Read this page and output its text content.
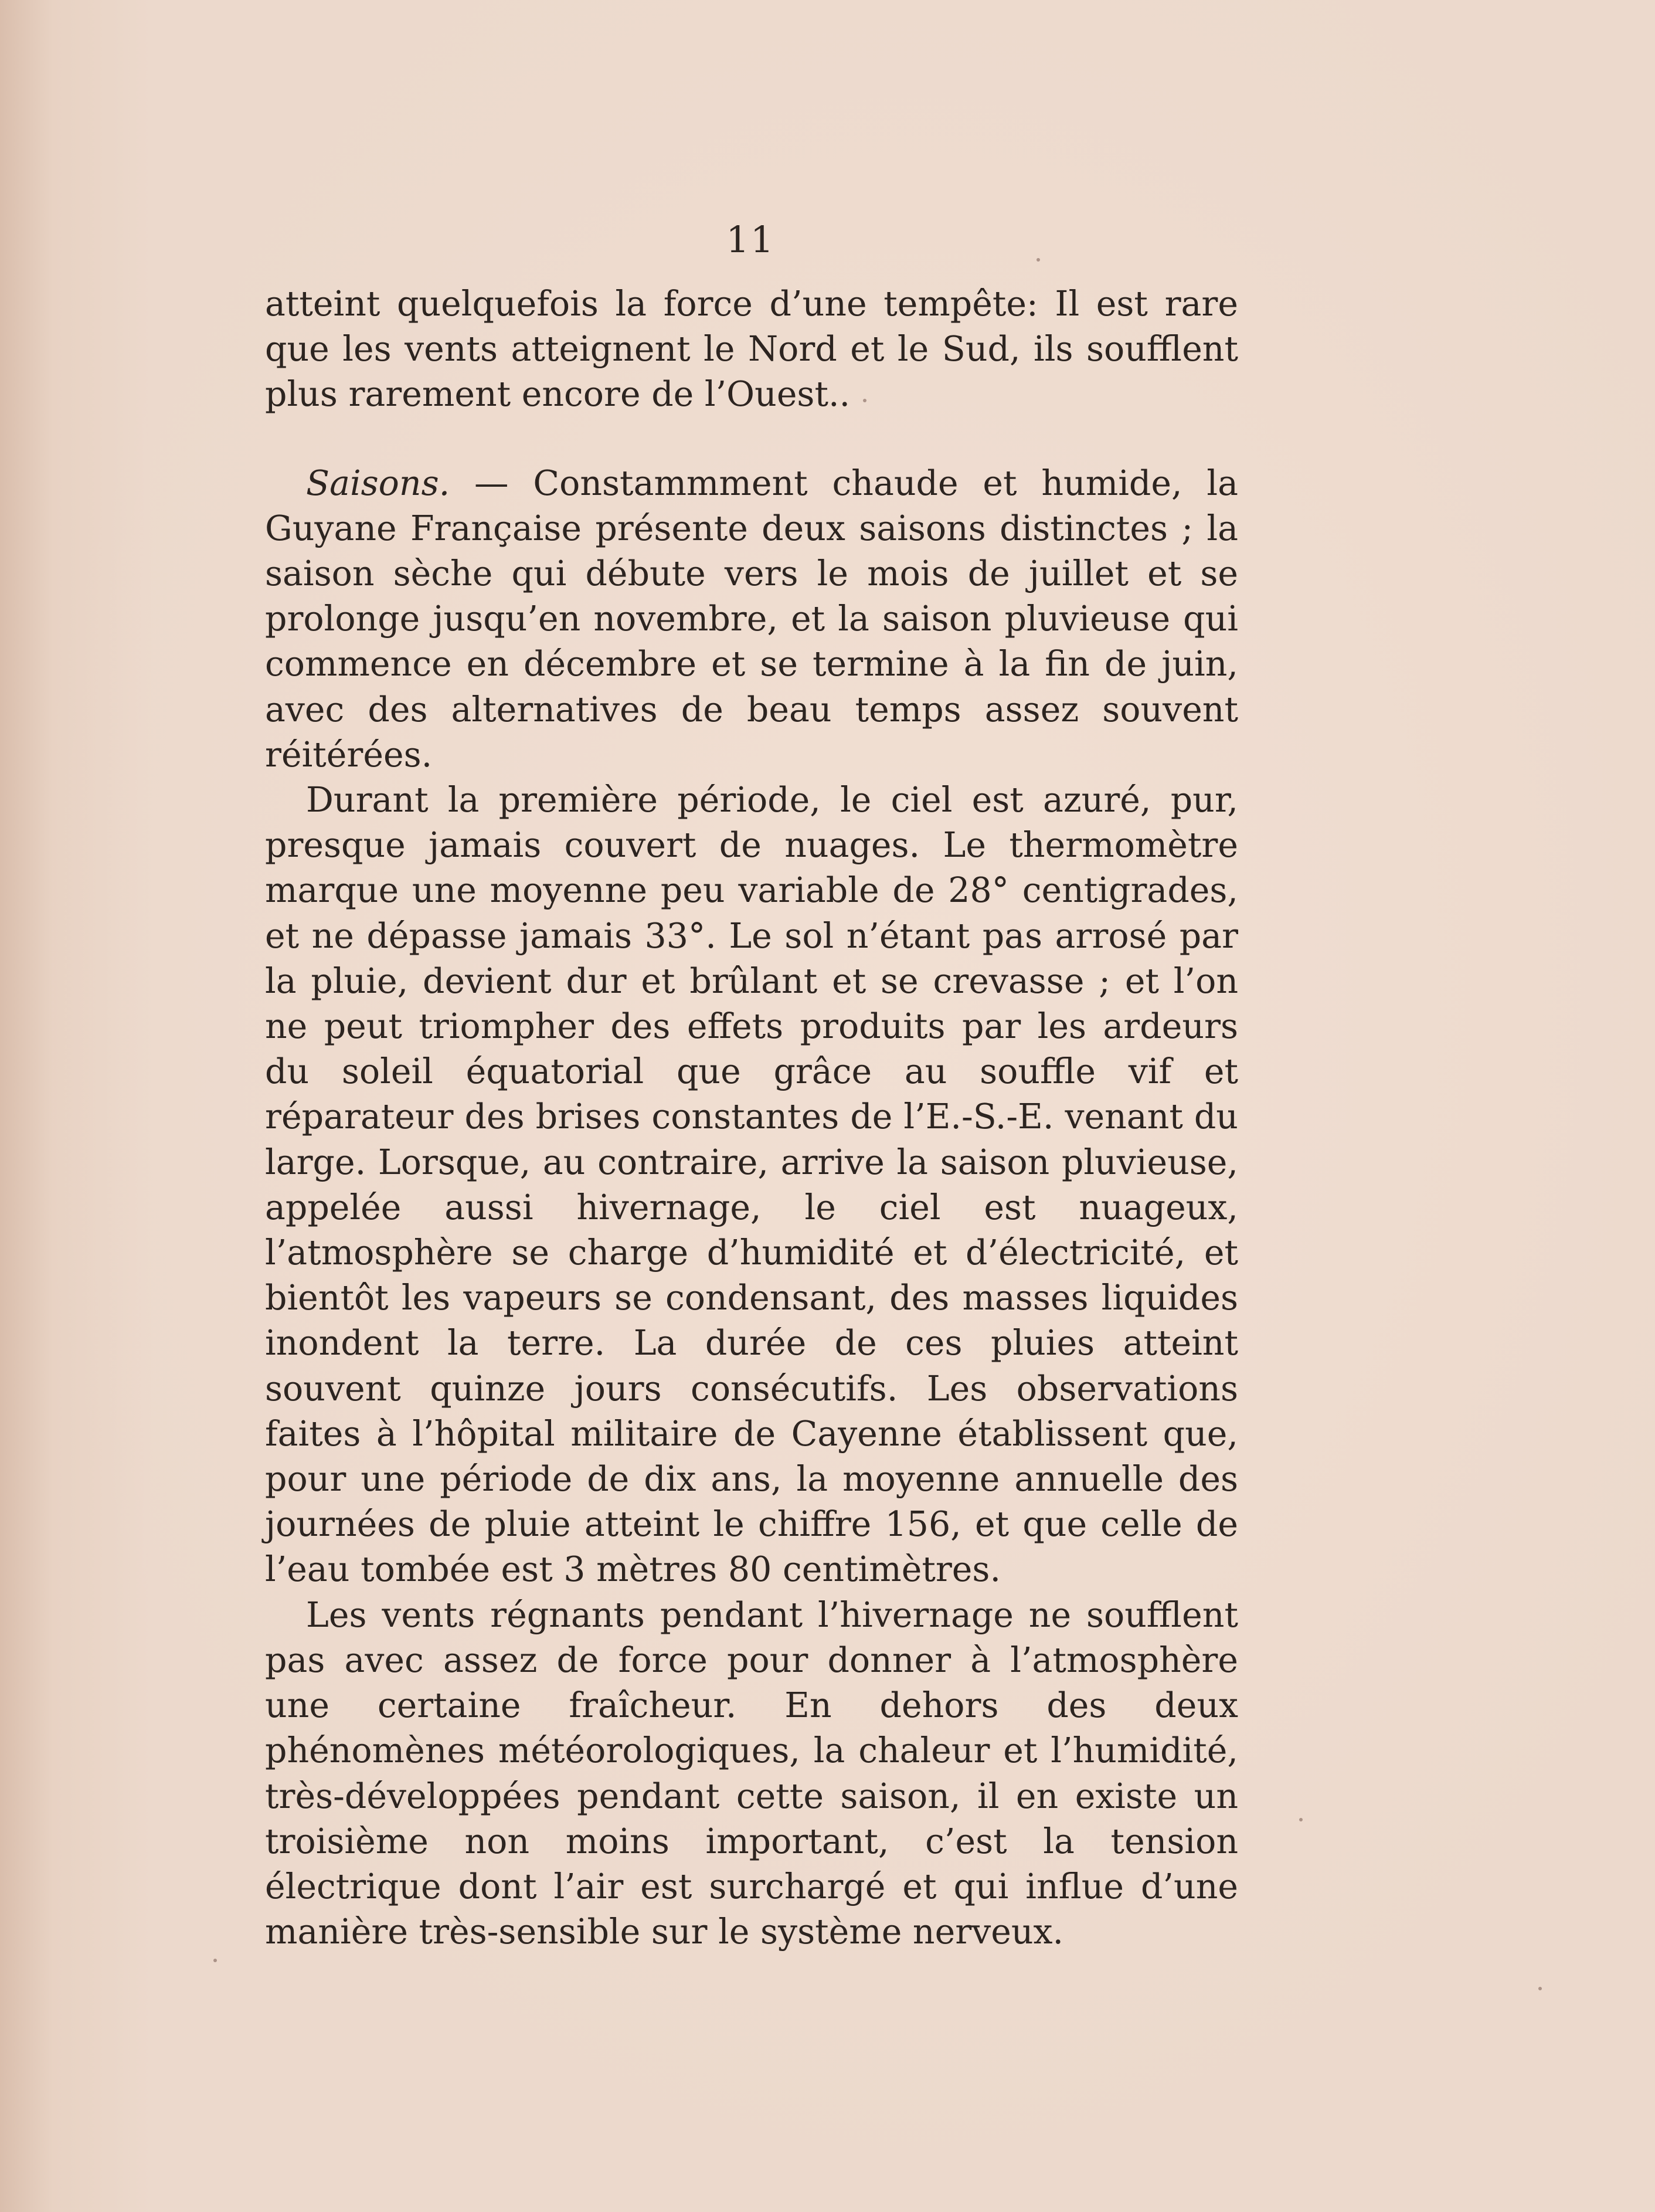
11

atteint quelquefois la force d’une tempête: Il est rare que les vents atteignent le Nord et le Sud, ils soufflent plus rarement encore de l’Ouest..

Saisons. — Constammment chaude et humide, la Guyane Française présente deux saisons distinctes ; la saison sèche qui débute vers le mois de juillet et se prolonge jusqu’en novembre, et la saison pluvieuse qui commence en décembre et se termine à la fin de juin, avec des alternatives de beau temps assez souvent réitérées.

Durant la première période, le ciel est azuré, pur, presque jamais couvert de nuages. Le thermomètre marque une moyenne peu variable de 28° centigrades, et ne dépasse jamais 33°. Le sol n’étant pas arrosé par la pluie, devient dur et brûlant et se crevasse ; et l’on ne peut triompher des effets produits par les ardeurs du soleil équatorial que grâce au souffle vif et réparateur des brises constantes de l’E.-S.-E. venant du large. Lorsque, au contraire, arrive la saison pluvieuse, appelée aussi hivernage, le ciel est nuageux, l’atmosphère se charge d’humidité et d’électricité, et bientôt les vapeurs se condensant, des masses liquides inondent la terre. La durée de ces pluies atteint souvent quinze jours consécutifs. Les observations faites à l’hôpital militaire de Cayenne établissent que, pour une période de dix ans, la moyenne annuelle des journées de pluie atteint le chiffre 156, et que celle de l’eau tombée est 3 mètres 80 centimètres.

Les vents régnants pendant l’hivernage ne soufflent pas avec assez de force pour donner à l’atmosphère une certaine fraîcheur. En dehors des deux phénomènes météorologiques, la chaleur et l’humidité, très-développées pendant cette saison, il en existe un troisième non moins important, c’est la tension électrique dont l’air est surchargé et qui influe d’une manière très-sensible sur le système nerveux.
